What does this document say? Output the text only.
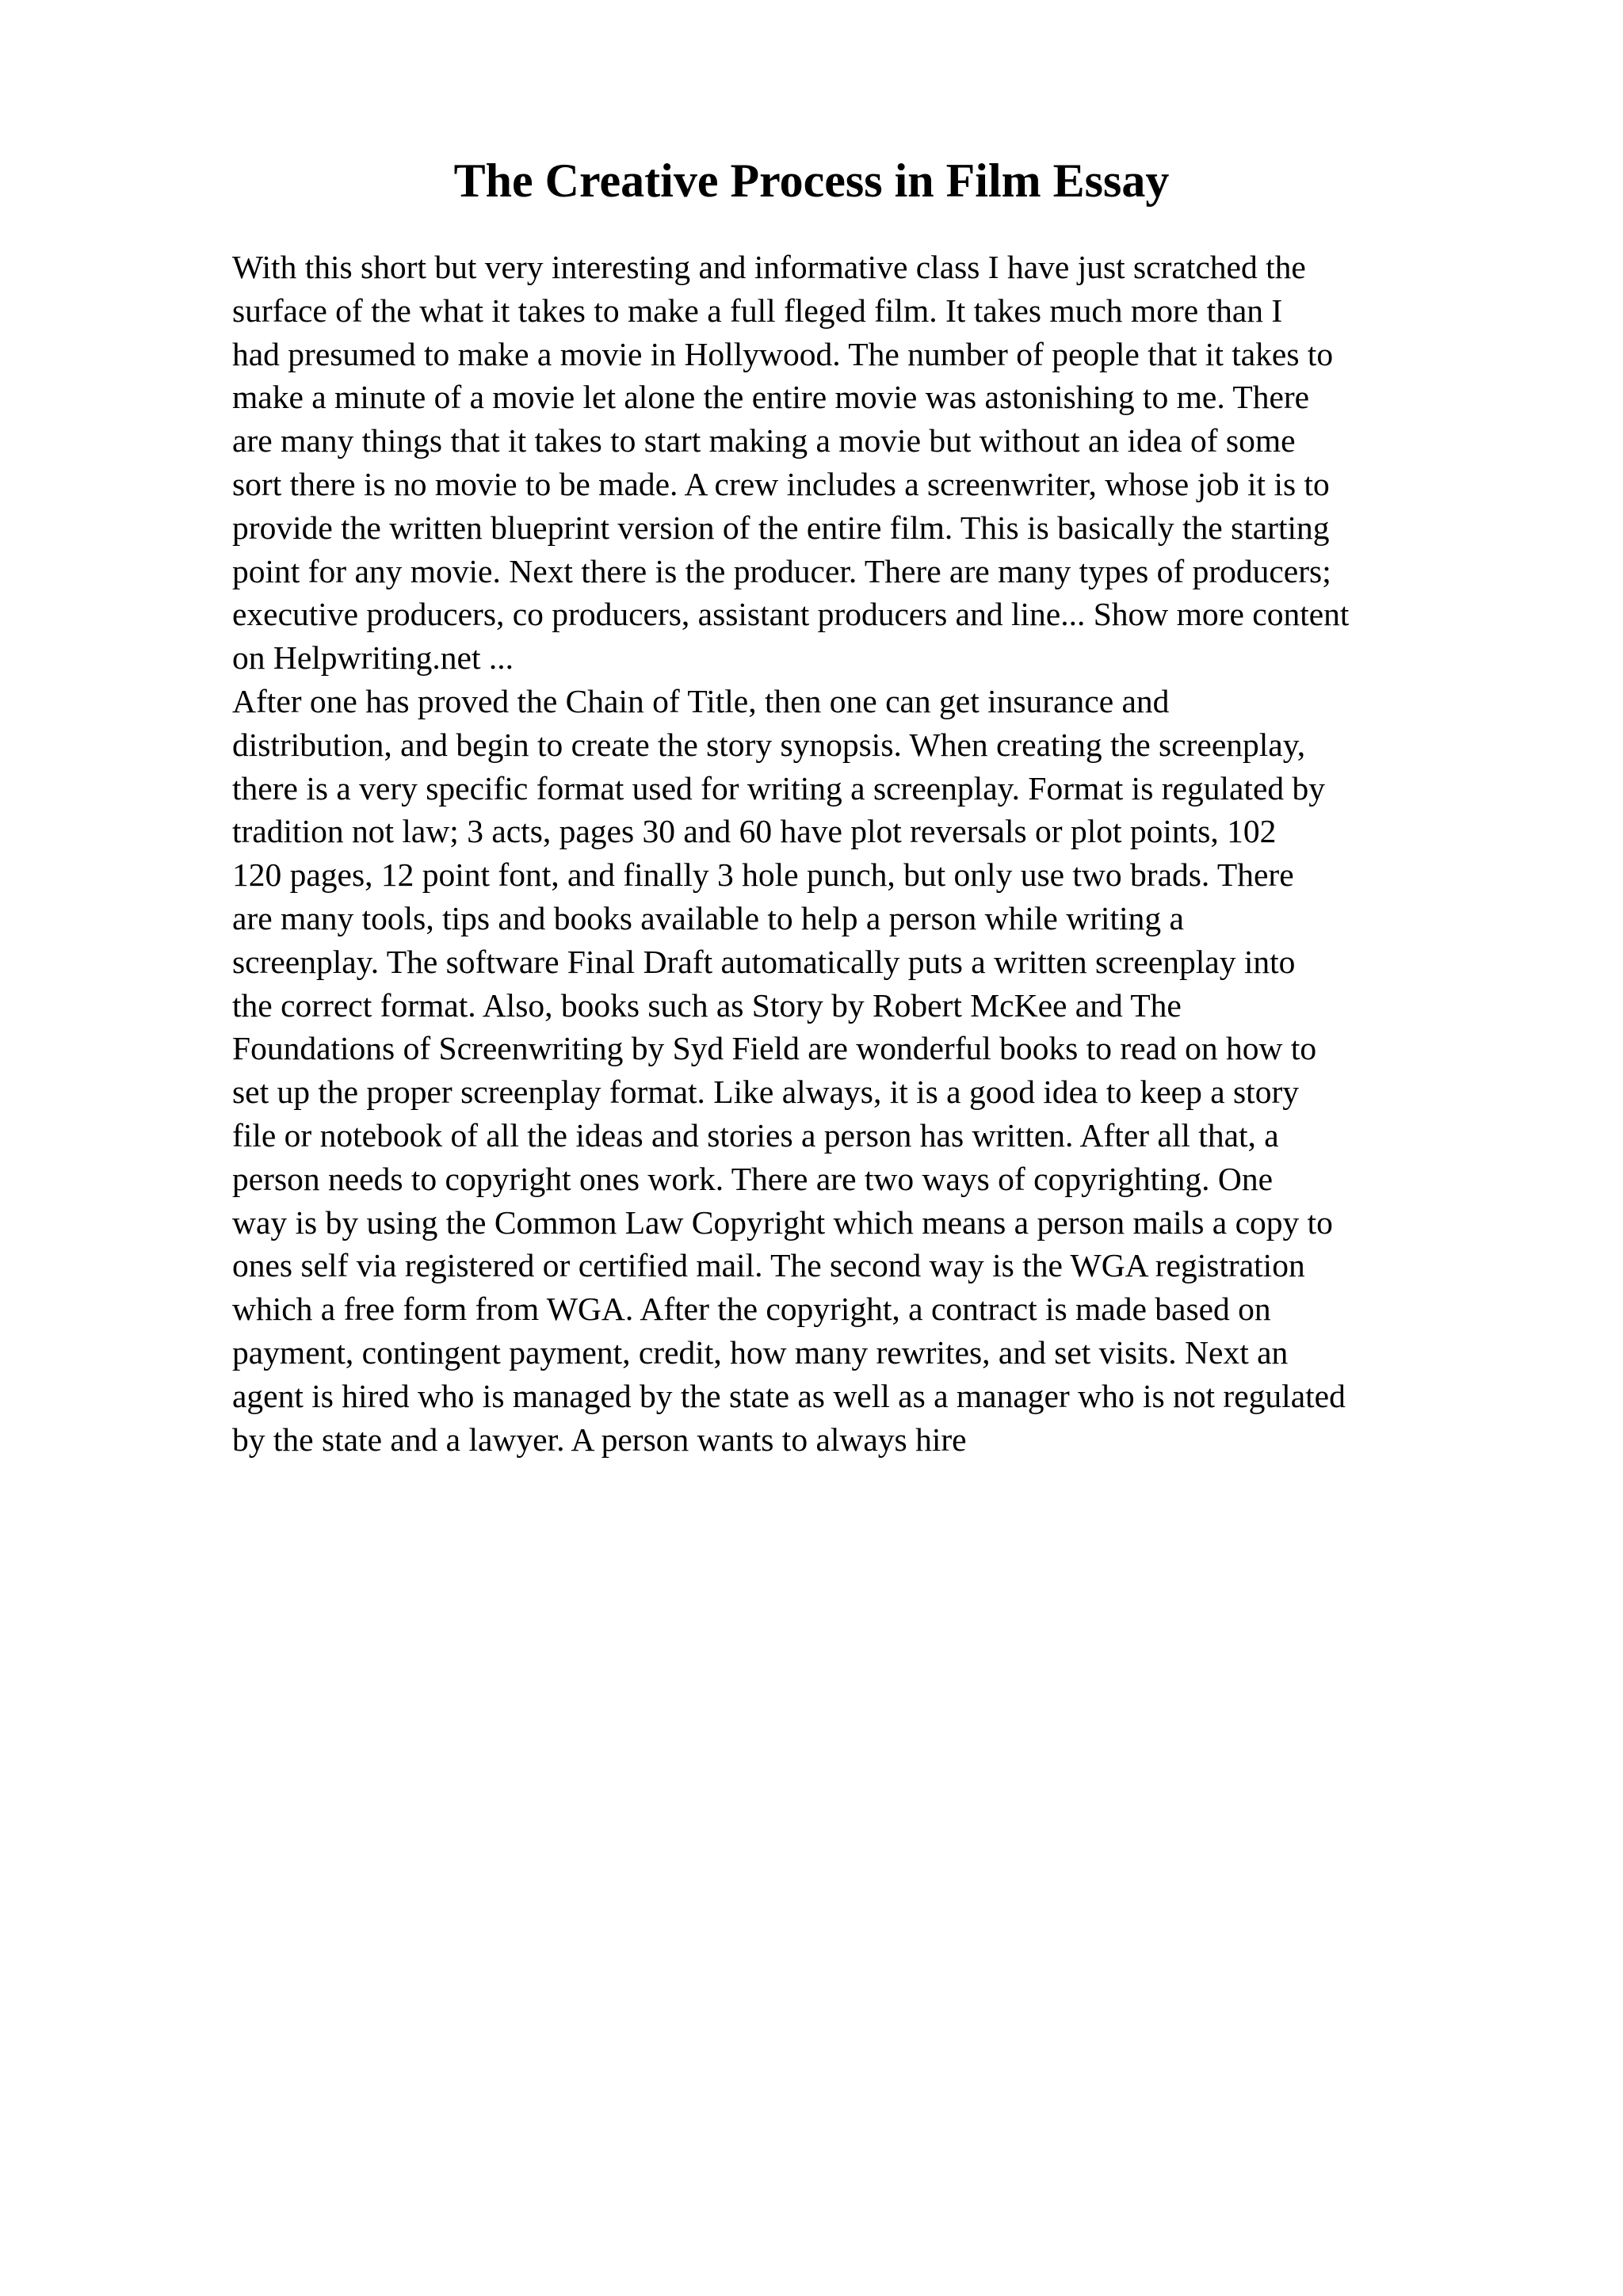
The Creative Process in Film Essay
With this short but very interesting and informative class I have just scratched the
surface of the what it takes to make a full fleged film. It takes much more than I
had presumed to make a movie in Hollywood. The number of people that it takes to
make a minute of a movie let alone the entire movie was astonishing to me. There
are many things that it takes to start making a movie but without an idea of some
sort there is no movie to be made. A crew includes a screenwriter, whose job it is to
provide the written blueprint version of the entire film. This is basically the starting
point for any movie. Next there is the producer. There are many types of producers;
executive producers, co producers, assistant producers and line... Show more content
on Helpwriting.net ...
After one has proved the Chain of Title, then one can get insurance and
distribution, and begin to create the story synopsis. When creating the screenplay,
there is a very specific format used for writing a screenplay. Format is regulated by
tradition not law; 3 acts, pages 30 and 60 have plot reversals or plot points, 102
120 pages, 12 point font, and finally 3 hole punch, but only use two brads. There
are many tools, tips and books available to help a person while writing a
screenplay. The software Final Draft automatically puts a written screenplay into
the correct format. Also, books such as Story by Robert McKee and The
Foundations of Screenwriting by Syd Field are wonderful books to read on how to
set up the proper screenplay format. Like always, it is a good idea to keep a story
file or notebook of all the ideas and stories a person has written. After all that, a
person needs to copyright ones work. There are two ways of copyrighting. One
way is by using the Common Law Copyright which means a person mails a copy to
ones self via registered or certified mail. The second way is the WGA registration
which a free form from WGA. After the copyright, a contract is made based on
payment, contingent payment, credit, how many rewrites, and set visits. Next an
agent is hired who is managed by the state as well as a manager who is not regulated
by the state and a lawyer. A person wants to always hire
